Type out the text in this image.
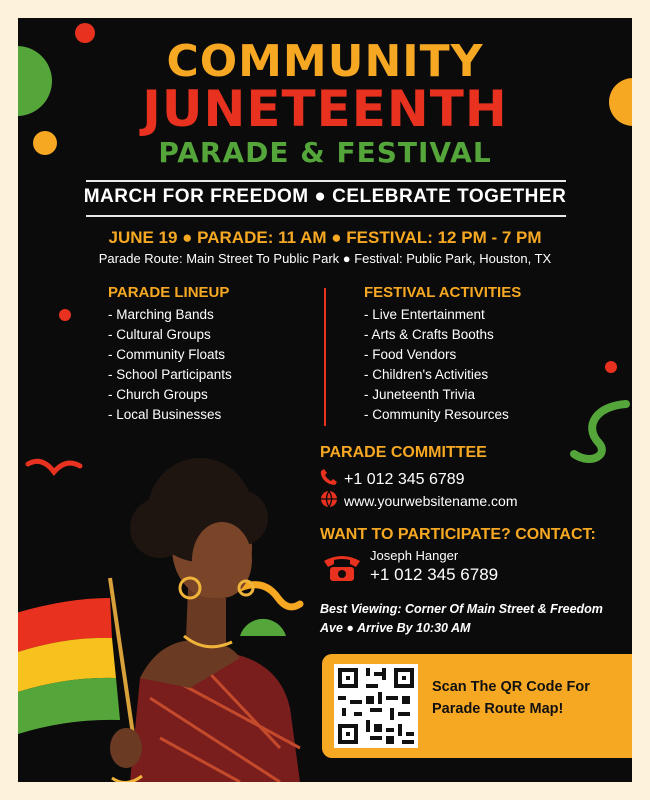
COMMUNITY
JUNETEENTH
PARADE & FESTIVAL
MARCH FOR FREEDOM ● CELEBRATE TOGETHER
JUNE 19 ● PARADE: 11 AM ● FESTIVAL: 12 PM - 7 PM
Parade Route: Main Street To Public Park ● Festival: Public Park, Houston, TX
PARADE LINEUP
- Marching Bands
- Cultural Groups
- Community Floats
- School Participants
- Church Groups
- Local Businesses
FESTIVAL ACTIVITIES
- Live Entertainment
- Arts & Crafts Booths
- Food Vendors
- Children's Activities
- Juneteenth Trivia
- Community Resources
PARADE COMMITTEE
+1 012 345 6789
www.yourwebsitename.com
WANT TO PARTICIPATE? CONTACT:
Joseph Hanger
+1 012 345 6789
Best Viewing: Corner Of Main Street & Freedom Ave ● Arrive By 10:30 AM
Scan The QR Code For Parade Route Map!
